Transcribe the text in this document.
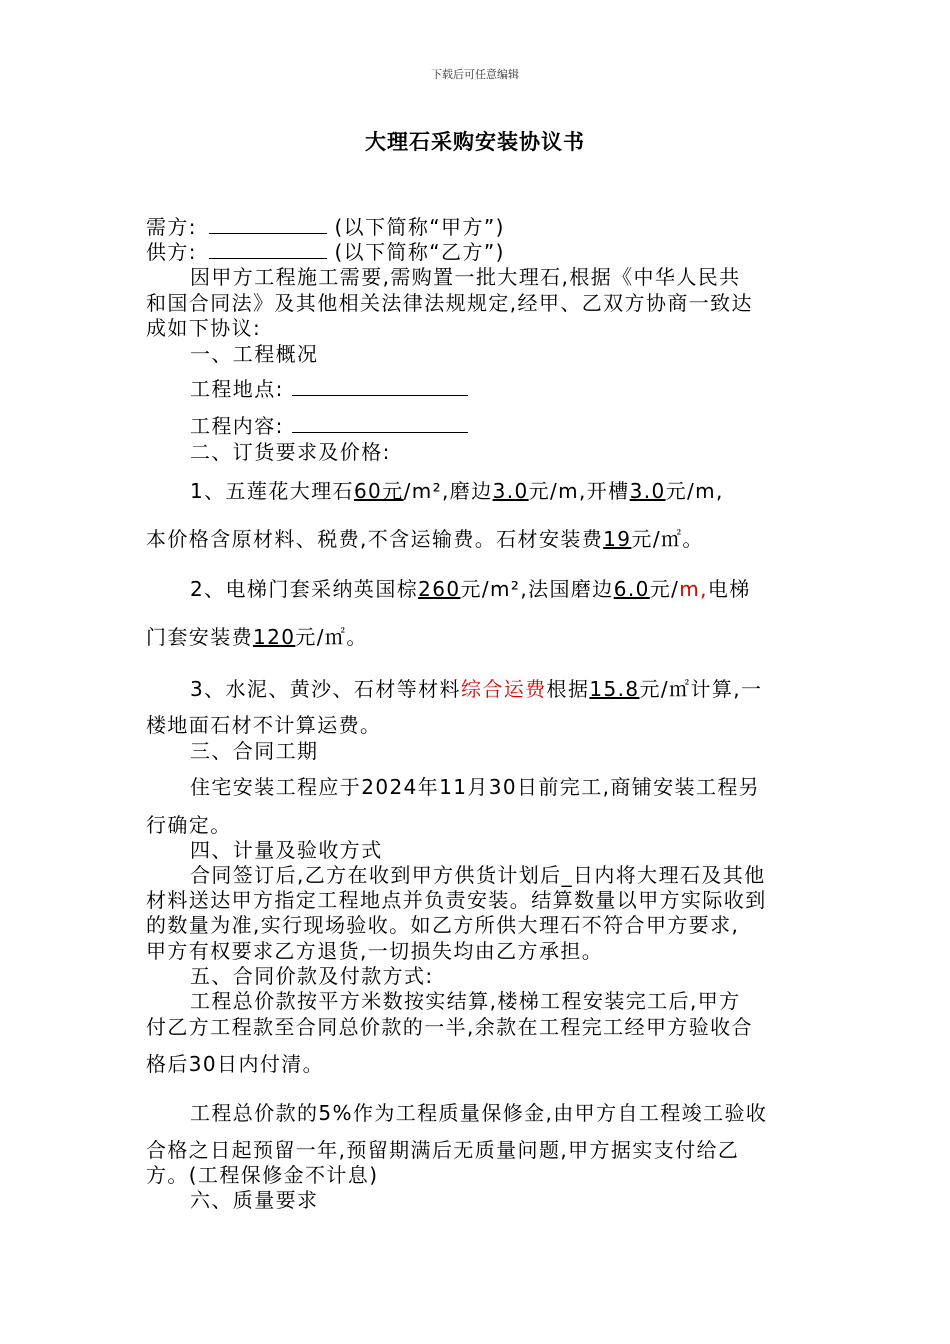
下载后可任意编辑
大理石采购安装协议书
需方:	(以下简称“甲方”)
供方:	(以下简称“乙方”)
因甲方工程施工需要,需购置一批大理石,根据《中华人民共
和国合同法》及其他相关法律法规规定,经甲、乙双方协商一致达
成如下协议:
一、工程概况
工程地点:
工程内容:
二、订货要求及价格:
1、五莲花大理石60元/m²,磨边3.0元/m,开槽3.0元/m,
本价格含原材料、税费,不含运输费。石材安装费19元/㎡。
2、电梯门套采纳英国棕260元/m²,法国磨边6.0元/m,电梯
门套安装费120元/㎡。
3、水泥、黄沙、石材等材料综合运费根据15.8元/㎡计算,一
楼地面石材不计算运费。
三、合同工期
住宅安装工程应于2024年11月30日前完工,商铺安装工程另
行确定。
四、计量及验收方式
合同签订后,乙方在收到甲方供货计划后_日内将大理石及其他
材料送达甲方指定工程地点并负责安装。结算数量以甲方实际收到
的数量为准,实行现场验收。如乙方所供大理石不符合甲方要求,
甲方有权要求乙方退货,一切损失均由乙方承担。
五、合同价款及付款方式:
工程总价款按平方米数按实结算,楼梯工程安装完工后,甲方
付乙方工程款至合同总价款的一半,余款在工程完工经甲方验收合
格后30日内付清。
工程总价款的5%作为工程质量保修金,由甲方自工程竣工验收
合格之日起预留一年,预留期满后无质量问题,甲方据实支付给乙
方。(工程保修金不计息)
六、质量要求
